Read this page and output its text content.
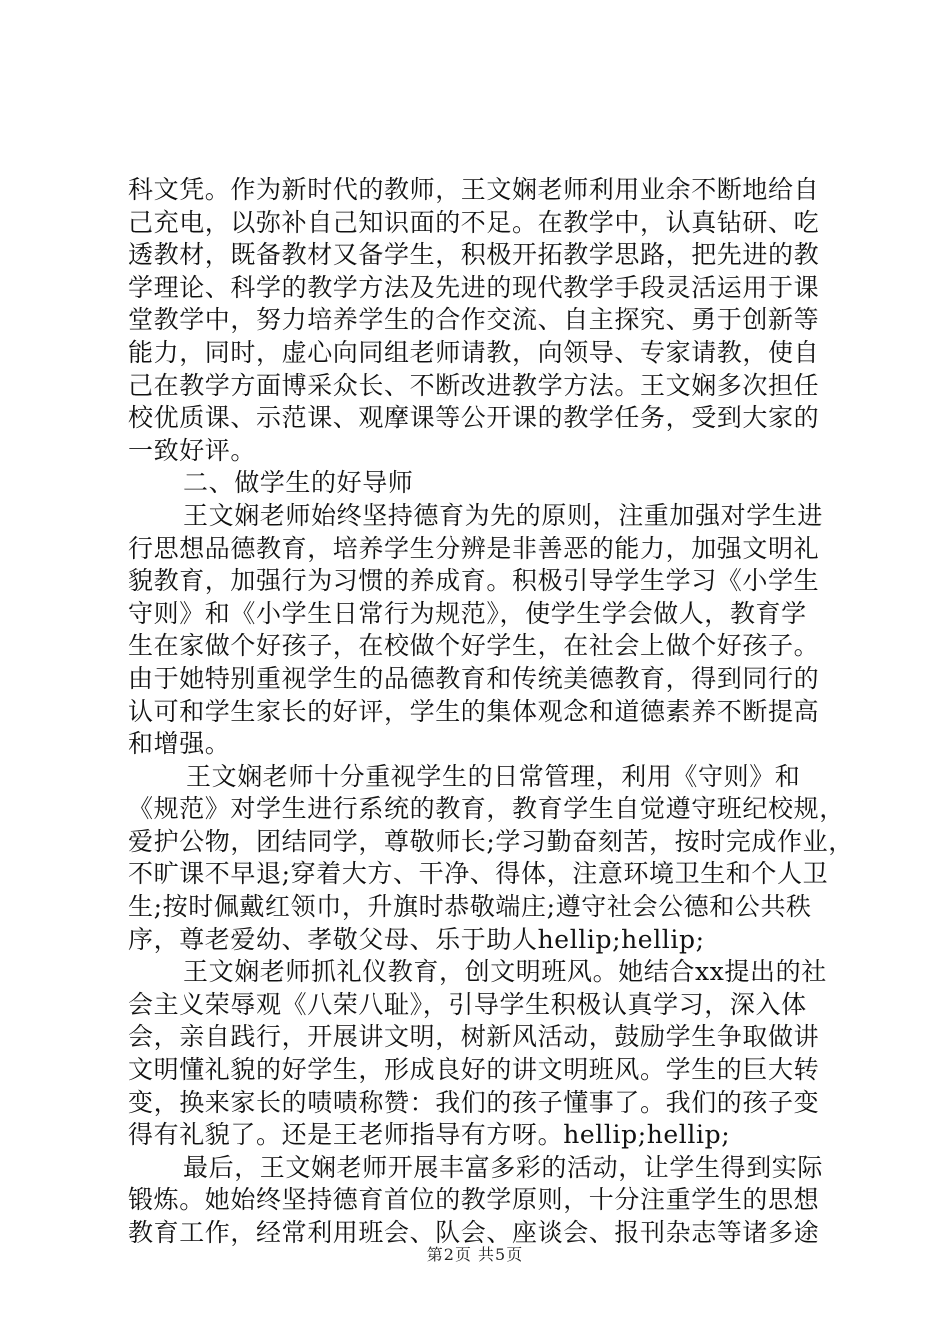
科文凭。作为新时代的教师，王文娴老师利用业余不断地给自
己充电，以弥补自己知识面的不足。在教学中，认真钻研、吃
透教材，既备教材又备学生，积极开拓教学思路，把先进的教
学理论、科学的教学方法及先进的现代教学手段灵活运用于课
堂教学中，努力培养学生的合作交流、自主探究、勇于创新等
能力，同时，虚心向同组老师请教，向领导、专家请教，使自
己在教学方面博采众长、不断改进教学方法。王文娴多次担任
校优质课、示范课、观摩课等公开课的教学任务，受到大家的
一致好评。
二、做学生的好导师
王文娴老师始终坚持德育为先的原则，注重加强对学生进
行思想品德教育，培养学生分辨是非善恶的能力，加强文明礼
貌教育，加强行为习惯的养成育。积极引导学生学习《小学生
守则》和《小学生日常行为规范》，使学生学会做人，教育学
生在家做个好孩子，在校做个好学生，在社会上做个好孩子。
由于她特别重视学生的品德教育和传统美德教育，得到同行的
认可和学生家长的好评，学生的集体观念和道德素养不断提高
和增强。
王文娴老师十分重视学生的日常管理，利用《守则》和
《规范》对学生进行系统的教育，教育学生自觉遵守班纪校规，
爱护公物，团结同学，尊敬师长;学习勤奋刻苦，按时完成作业，
不旷课不早退;穿着大方、干净、得体，注意环境卫生和个人卫
生;按时佩戴红领巾，升旗时恭敬端庄;遵守社会公德和公共秩
序，尊老爱幼、孝敬父母、乐于助人hellip;hellip;
王文娴老师抓礼仪教育，创文明班风。她结合xx提出的社
会主义荣辱观《八荣八耻》，引导学生积极认真学习，深入体
会，亲自践行，开展讲文明，树新风活动，鼓励学生争取做讲
文明懂礼貌的好学生，形成良好的讲文明班风。学生的巨大转
变，换来家长的啧啧称赞：我们的孩子懂事了。我们的孩子变
得有礼貌了。还是王老师指导有方呀。hellip;hellip;
最后，王文娴老师开展丰富多彩的活动，让学生得到实际
锻炼。她始终坚持德育首位的教学原则，十分注重学生的思想
教育工作，经常利用班会、队会、座谈会、报刊杂志等诸多途
第2页 共5页
